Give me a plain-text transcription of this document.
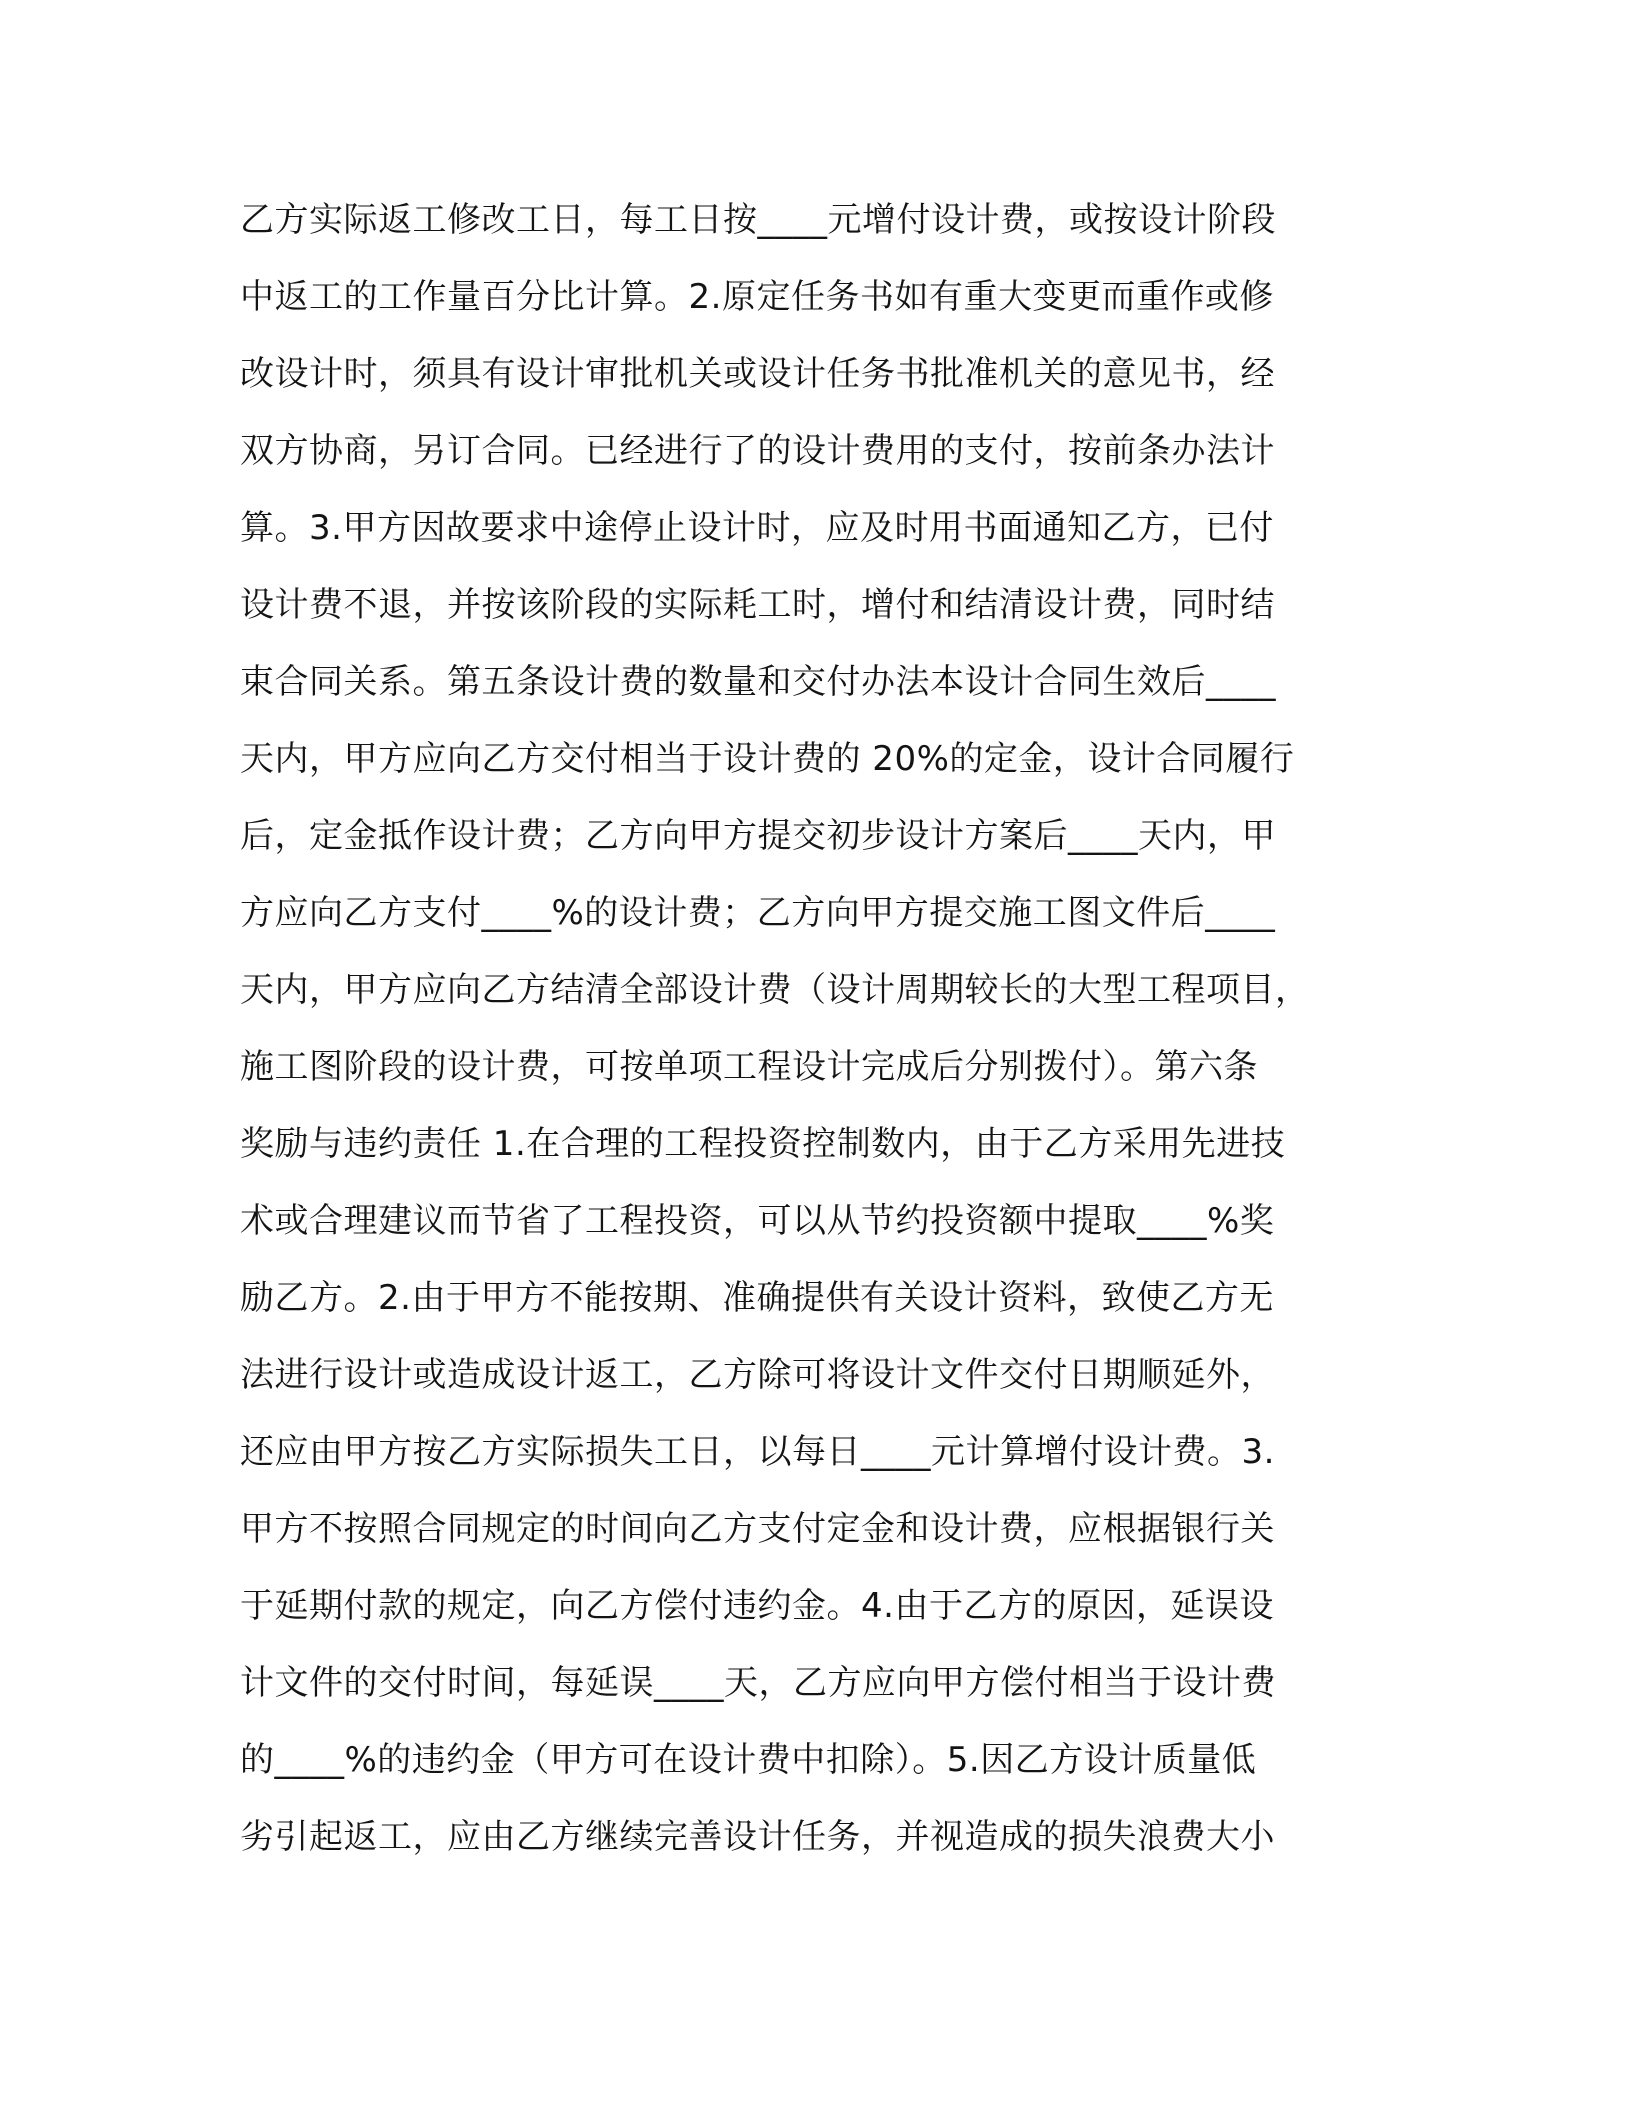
乙方实际返工修改工日，每工日按____元增付设计费，或按设计阶段
中返工的工作量百分比计算。2.原定任务书如有重大变更而重作或修
改设计时，须具有设计审批机关或设计任务书批准机关的意见书，经
双方协商，另订合同。已经进行了的设计费用的支付，按前条办法计
算。3.甲方因故要求中途停止设计时，应及时用书面通知乙方，已付
设计费不退，并按该阶段的实际耗工时，增付和结清设计费，同时结
束合同关系。第五条设计费的数量和交付办法本设计合同生效后____
天内，甲方应向乙方交付相当于设计费的 20%的定金，设计合同履行
后，定金抵作设计费；乙方向甲方提交初步设计方案后____天内，甲
方应向乙方支付____%的设计费；乙方向甲方提交施工图文件后____
天内，甲方应向乙方结清全部设计费（设计周期较长的大型工程项目，
施工图阶段的设计费，可按单项工程设计完成后分别拨付）。第六条
奖励与违约责任 1.在合理的工程投资控制数内，由于乙方采用先进技
术或合理建议而节省了工程投资，可以从节约投资额中提取____%奖
励乙方。2.由于甲方不能按期、准确提供有关设计资料，致使乙方无
法进行设计或造成设计返工，乙方除可将设计文件交付日期顺延外，
还应由甲方按乙方实际损失工日，以每日____元计算增付设计费。3.
甲方不按照合同规定的时间向乙方支付定金和设计费，应根据银行关
于延期付款的规定，向乙方偿付违约金。4.由于乙方的原因，延误设
计文件的交付时间，每延误____天，乙方应向甲方偿付相当于设计费
的____%的违约金（甲方可在设计费中扣除）。5.因乙方设计质量低
劣引起返工，应由乙方继续完善设计任务，并视造成的损失浪费大小
